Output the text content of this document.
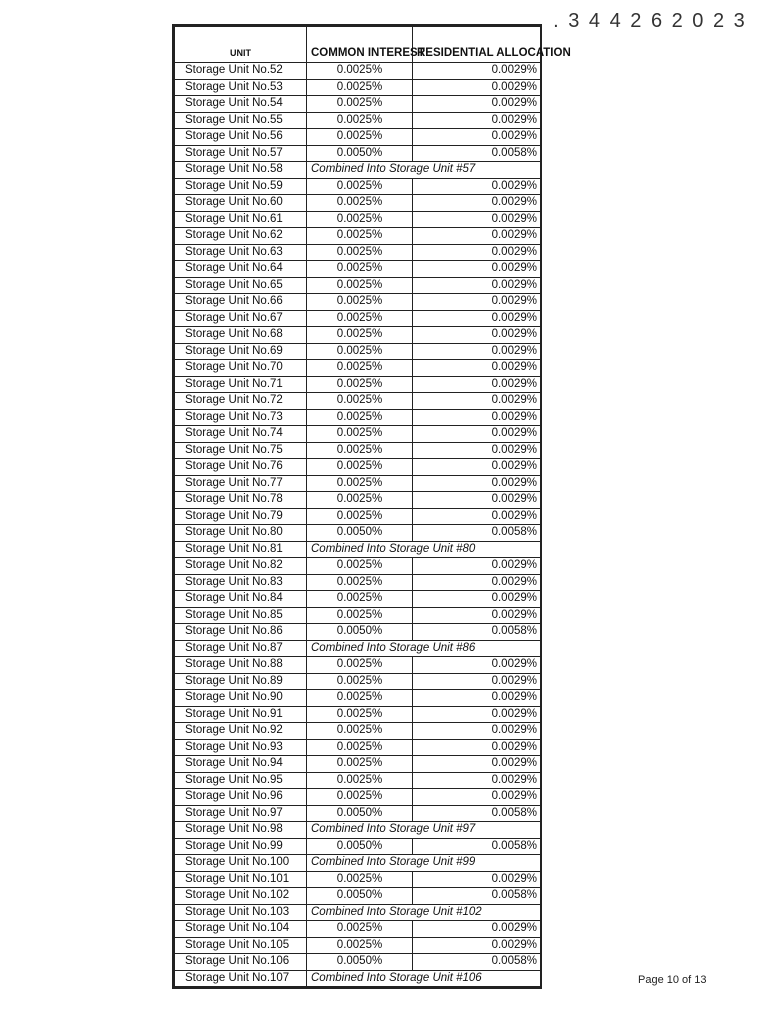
. . 3 4 4 2 6 2 0 2 3
UNIT	COMMON INTEREST	RESIDENTIAL ALLOCATION
Storage Unit No.52	0.0025%	0.0029%
Storage Unit No.53	0.0025%	0.0029%
Storage Unit No.54	0.0025%	0.0029%
Storage Unit No.55	0.0025%	0.0029%
Storage Unit No.56	0.0025%	0.0029%
Storage Unit No.57	0.0050%	0.0058%
Storage Unit No.58	Combined Into Storage Unit #57	
Storage Unit No.59	0.0025%	0.0029%
Storage Unit No.60	0.0025%	0.0029%
Storage Unit No.61	0.0025%	0.0029%
Storage Unit No.62	0.0025%	0.0029%
Storage Unit No.63	0.0025%	0.0029%
Storage Unit No.64	0.0025%	0.0029%
Storage Unit No.65	0.0025%	0.0029%
Storage Unit No.66	0.0025%	0.0029%
Storage Unit No.67	0.0025%	0.0029%
Storage Unit No.68	0.0025%	0.0029%
Storage Unit No.69	0.0025%	0.0029%
Storage Unit No.70	0.0025%	0.0029%
Storage Unit No.71	0.0025%	0.0029%
Storage Unit No.72	0.0025%	0.0029%
Storage Unit No.73	0.0025%	0.0029%
Storage Unit No.74	0.0025%	0.0029%
Storage Unit No.75	0.0025%	0.0029%
Storage Unit No.76	0.0025%	0.0029%
Storage Unit No.77	0.0025%	0.0029%
Storage Unit No.78	0.0025%	0.0029%
Storage Unit No.79	0.0025%	0.0029%
Storage Unit No.80	0.0050%	0.0058%
Storage Unit No.81	Combined Into Storage Unit #80	
Storage Unit No.82	0.0025%	0.0029%
Storage Unit No.83	0.0025%	0.0029%
Storage Unit No.84	0.0025%	0.0029%
Storage Unit No.85	0.0025%	0.0029%
Storage Unit No.86	0.0050%	0.0058%
Storage Unit No.87	Combined Into Storage Unit #86	
Storage Unit No.88	0.0025%	0.0029%
Storage Unit No.89	0.0025%	0.0029%
Storage Unit No.90	0.0025%	0.0029%
Storage Unit No.91	0.0025%	0.0029%
Storage Unit No.92	0.0025%	0.0029%
Storage Unit No.93	0.0025%	0.0029%
Storage Unit No.94	0.0025%	0.0029%
Storage Unit No.95	0.0025%	0.0029%
Storage Unit No.96	0.0025%	0.0029%
Storage Unit No.97	0.0050%	0.0058%
Storage Unit No.98	Combined Into Storage Unit #97	
Storage Unit No.99	0.0050%	0.0058%
Storage Unit No.100	Combined Into Storage Unit #99	
Storage Unit No.101	0.0025%	0.0029%
Storage Unit No.102	0.0050%	0.0058%
Storage Unit No.103	Combined Into Storage Unit #102	
Storage Unit No.104	0.0025%	0.0029%
Storage Unit No.105	0.0025%	0.0029%
Storage Unit No.106	0.0050%	0.0058%
Storage Unit No.107	Combined Into Storage Unit #106		Page 10 of 13
